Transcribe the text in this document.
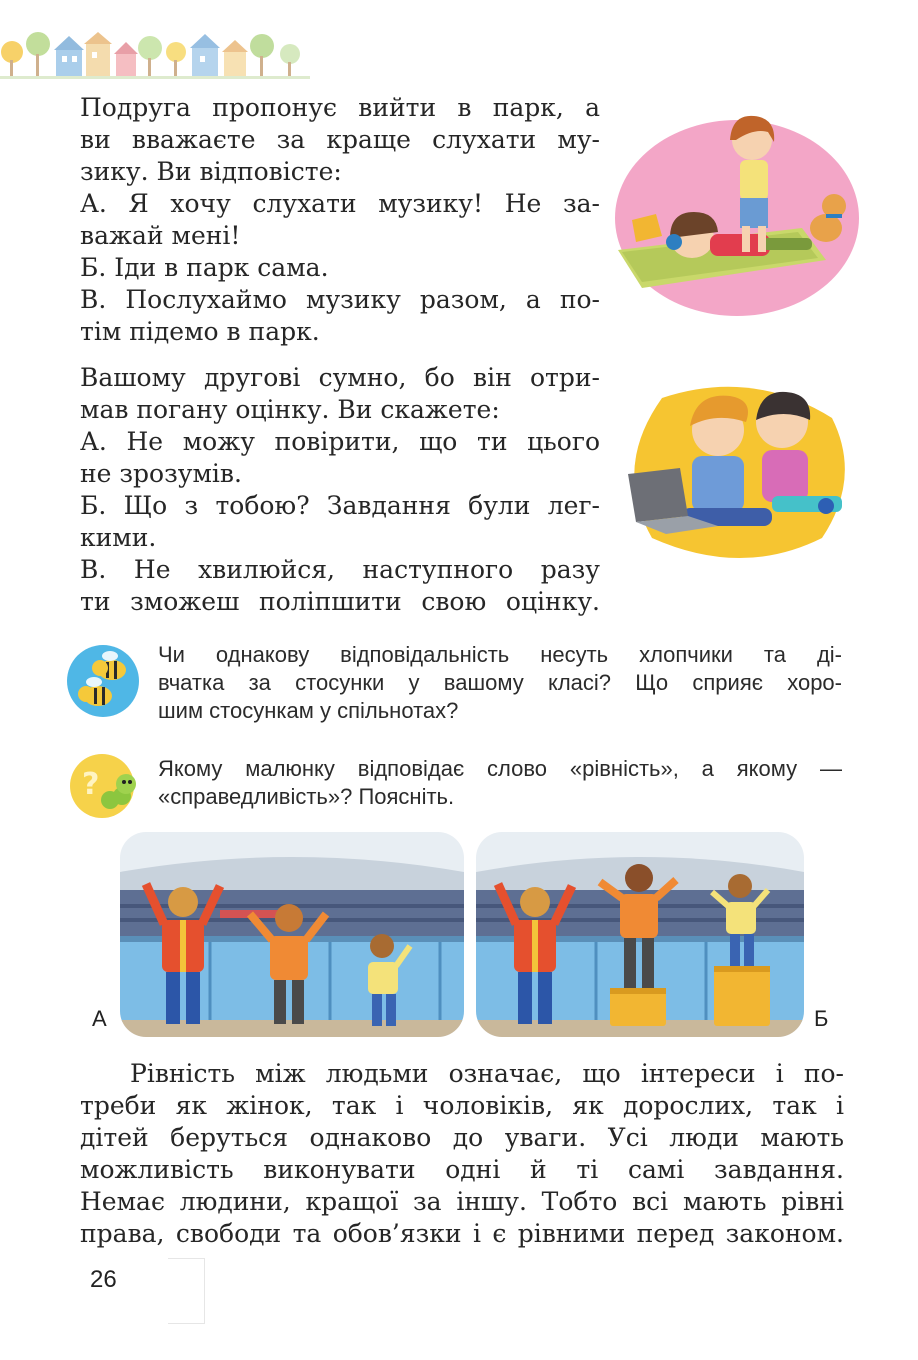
Подруга пропонує вийти в парк, а
ви вважаєте за краще слухати му-
зику. Ви відповісте:
А. Я хочу слухати музику! Не за-
важай мені!
Б. Іди в парк сама.
В. Послухаймо музику разом, а по-
тім підемо в парк.
Вашому другові сумно, бо він отри-
мав погану оцінку. Ви скажете:
А. Не можу повірити, що ти цього
не зрозумів.
Б. Що з тобою? Завдання були лег-
кими.
В. Не хвилюйся, наступного разу
ти зможеш поліпшити свою оцінку.
Чи однакову відповідальність несуть хлопчики та ді-
вчатка за стосунки у вашому класі? Що сприяє хоро-
шим стосункам у спільнотах?
?	Якому малюнку відповідає слово «рівність», а якому —
«справедливість»? Поясніть.
А	Б
Рівність між людьми означає, що інтереси і по-
треби як жінок, так і чоловіків, як дорослих, так і
дітей беруться однаково до уваги. Усі люди мають
можливість виконувати одні й ті самі завдання.
Немає людини, кращої за іншу. Тобто всі мають рівні
права, свободи та обов’язки і є рівними перед законом.
26
